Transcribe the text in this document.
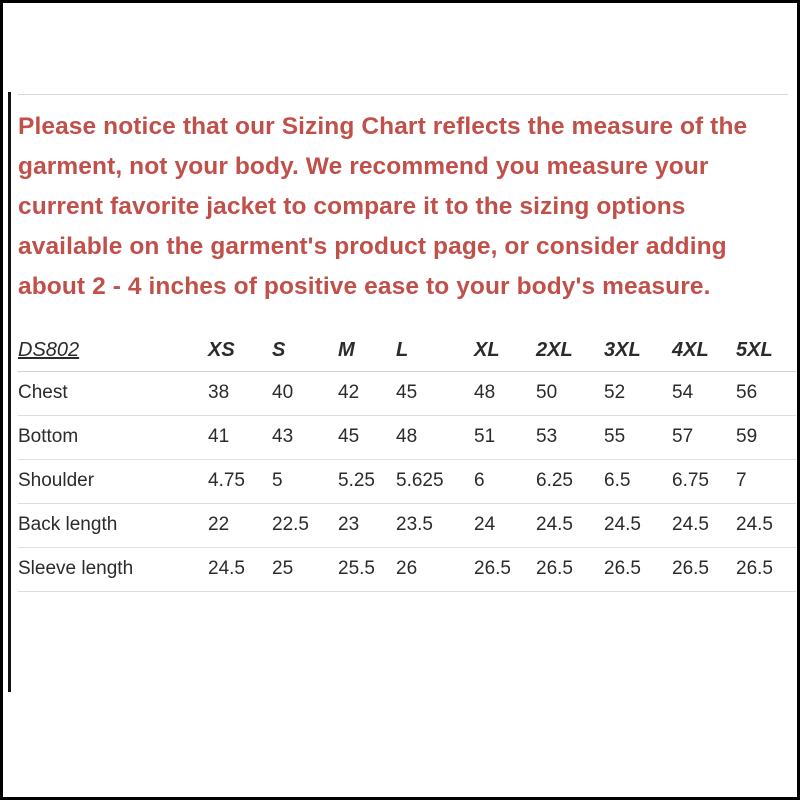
Please notice that our Sizing Chart reflects the measure of the garment, not your body. We recommend you measure your current favorite jacket to compare it to the sizing options available on the garment's product page, or consider adding about 2 - 4 inches of positive ease to your body's measure.

DS802	XS	S	M	L	XL	2XL	3XL	4XL	5XL
Chest	38	40	42	45	48	50	52	54	56
Bottom	41	43	45	48	51	53	55	57	59
Shoulder	4.75	5	5.25	5.625	6	6.25	6.5	6.75	7
Back length	22	22.5	23	23.5	24	24.5	24.5	24.5	24.5
Sleeve length	24.5	25	25.5	26	26.5	26.5	26.5	26.5	26.5
